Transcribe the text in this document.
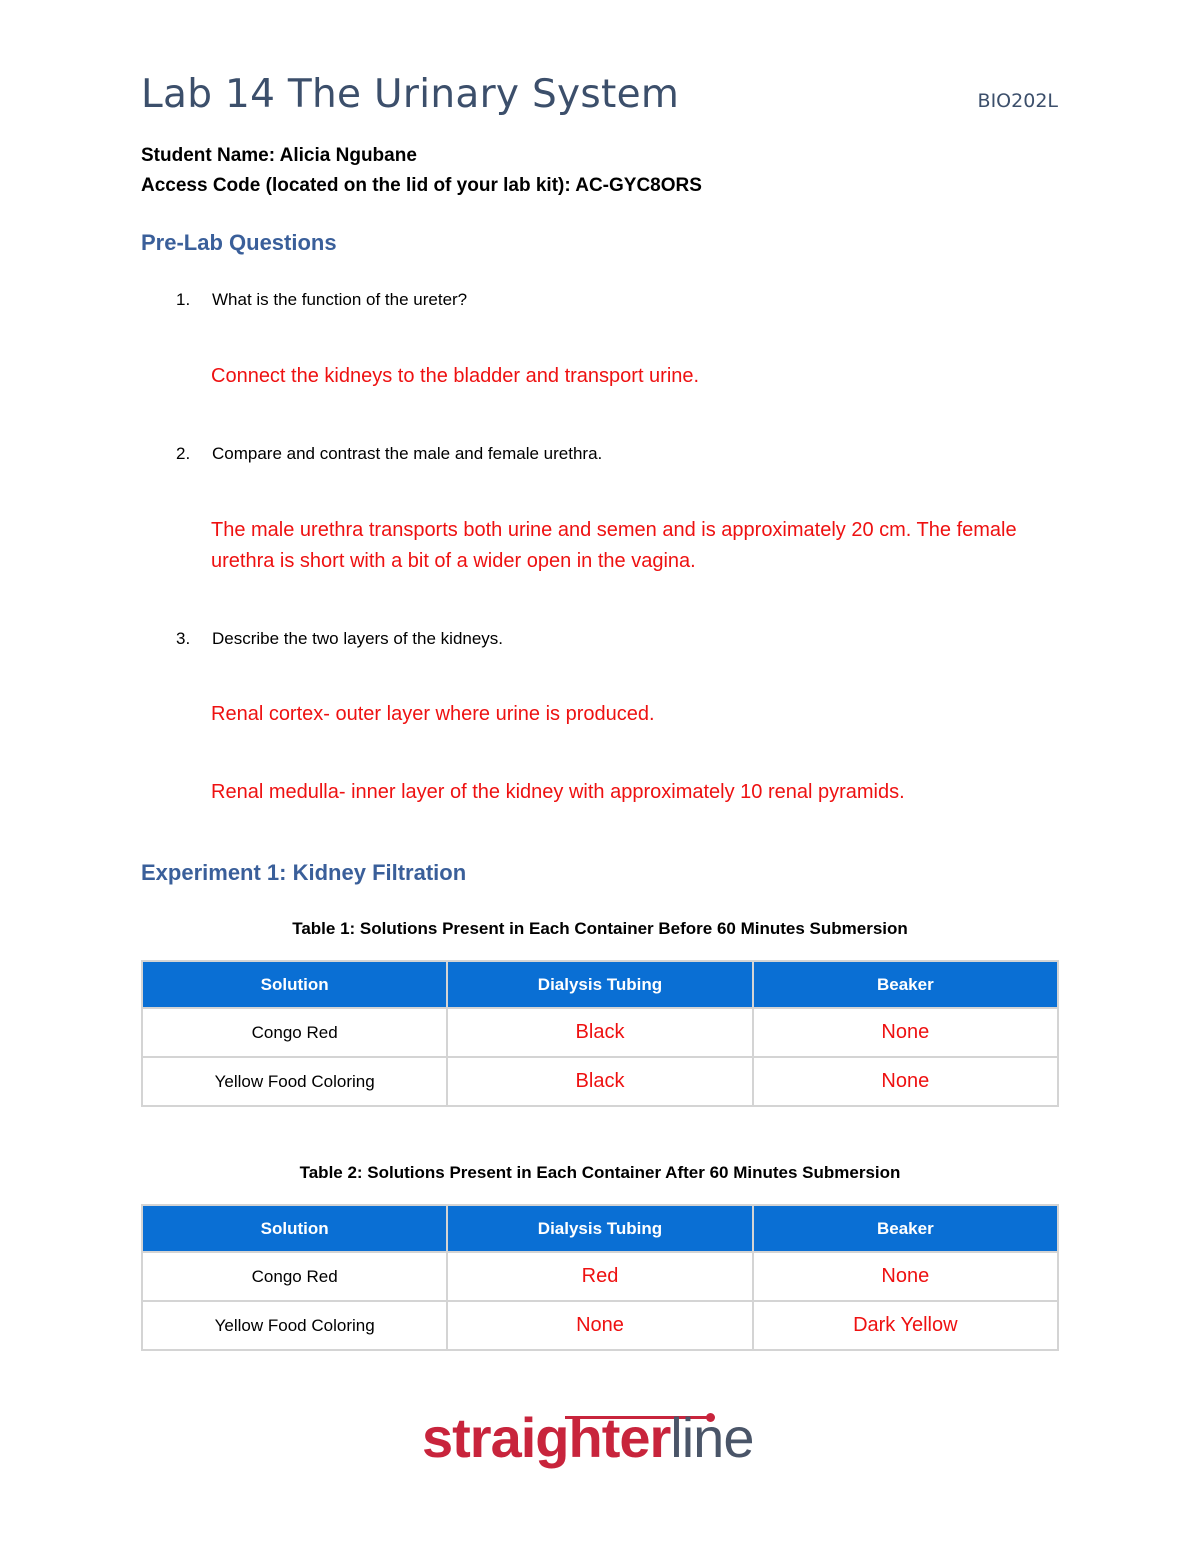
Lab 14 The Urinary System	BIO202L
Student Name: Alicia Ngubane
Access Code (located on the lid of your lab kit): AC-GYC8ORS
Pre-Lab Questions
1. What is the function of the ureter?
Connect the kidneys to the bladder and transport urine.
2. Compare and contrast the male and female urethra.
The male urethra transports both urine and semen and is approximately 20 cm. The female urethra is short with a bit of a wider open in the vagina.
3. Describe the two layers of the kidneys.
Renal cortex- outer layer where urine is produced.
Renal medulla- inner layer of the kidney with approximately 10 renal pyramids.
Experiment 1: Kidney Filtration
Table 1: Solutions Present in Each Container Before 60 Minutes Submersion
Solution	Dialysis Tubing	Beaker
Congo Red	Black	None
Yellow Food Coloring	Black	None
Table 2: Solutions Present in Each Container After 60 Minutes Submersion
Solution	Dialysis Tubing	Beaker
Congo Red	Red	None
Yellow Food Coloring	None	Dark Yellow
straighterline
